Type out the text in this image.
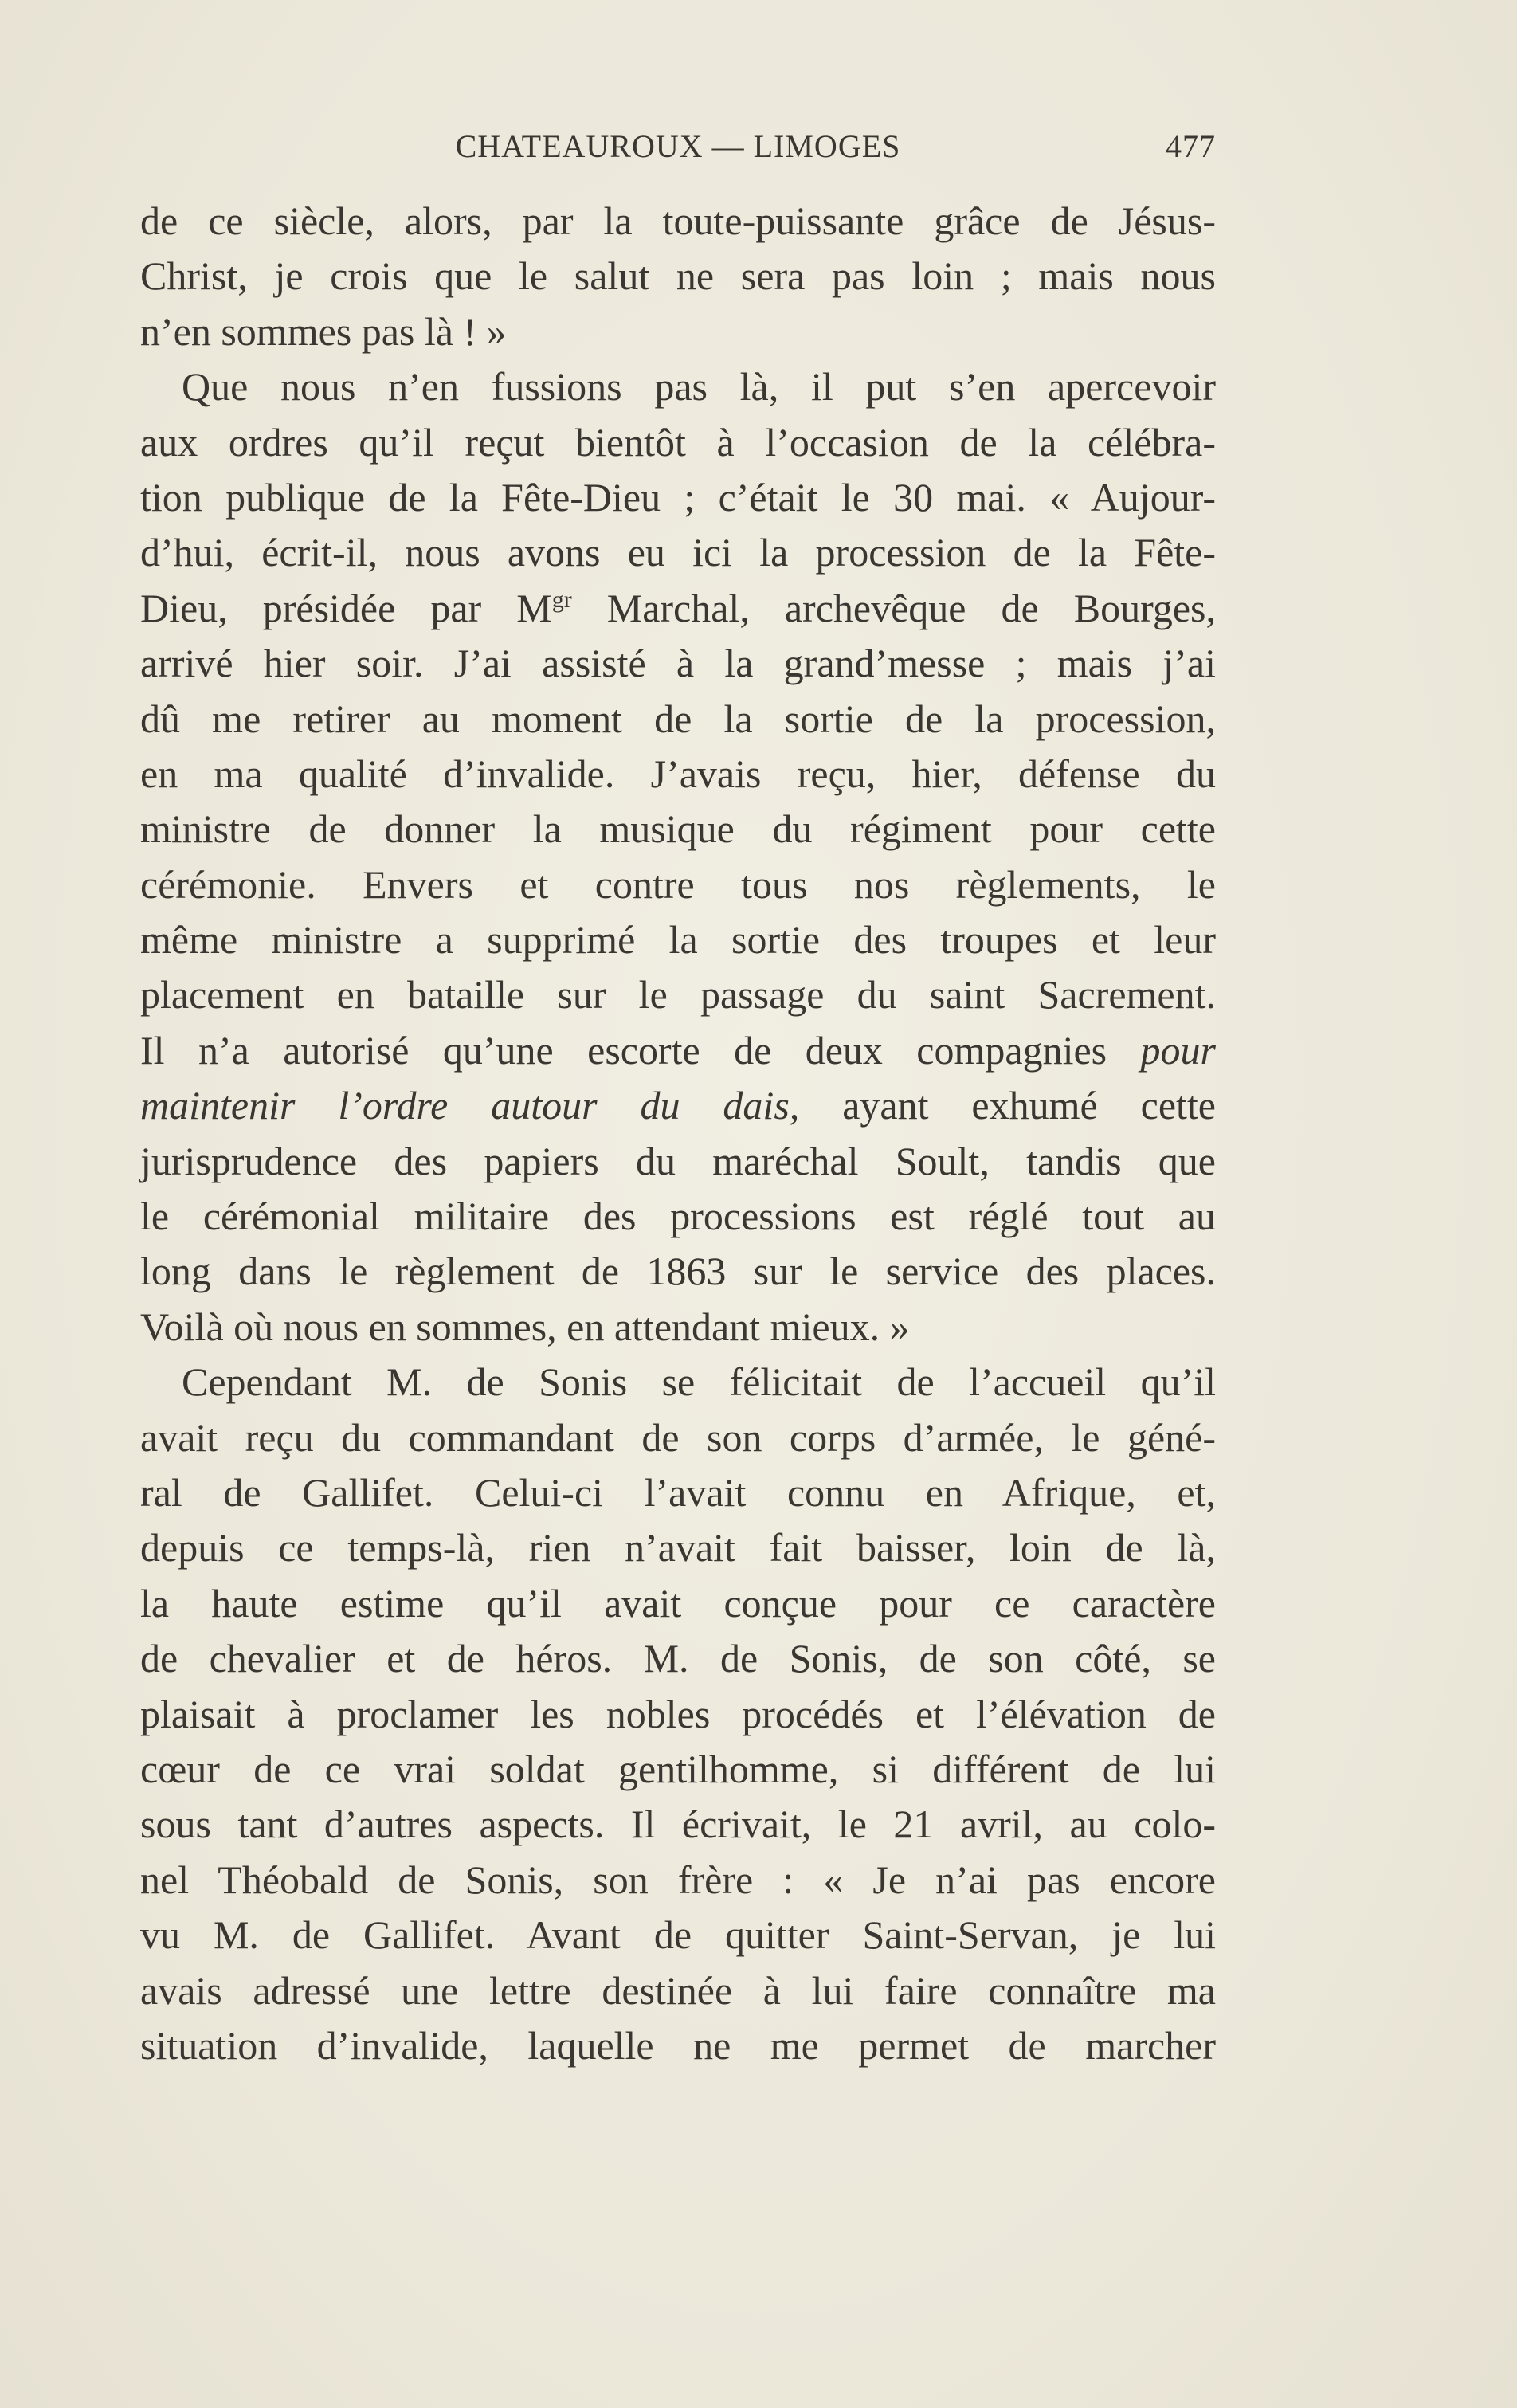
CHATEAUROUX — LIMOGES	477
de ce siècle, alors, par la toute-puissante grâce de Jésus-
Christ, je crois que le salut ne sera pas loin ; mais nous
n’en sommes pas là ! »
Que nous n’en fussions pas là, il put s’en apercevoir
aux ordres qu’il reçut bientôt à l’occasion de la célébra-
tion publique de la Fête-Dieu ; c’était le 30 mai. « Aujour-
d’hui, écrit-il, nous avons eu ici la procession de la Fête-
Dieu, présidée par $M^{gr}$ Marchal, archevêque de Bourges,
arrivé hier soir. J’ai assisté à la grand’messe ; mais j’ai
dû me retirer au moment de la sortie de la procession,
en ma qualité d’invalide. J’avais reçu, hier, défense du
ministre de donner la musique du régiment pour cette
cérémonie. Envers et contre tous nos règlements, le
même ministre a supprimé la sortie des troupes et leur
placement en bataille sur le passage du saint Sacrement.
Il n’a autorisé qu’une escorte de deux compagnies pour
maintenir l’ordre autour du dais, ayant exhumé cette
jurisprudence des papiers du maréchal Soult, tandis que
le cérémonial militaire des processions est réglé tout au
long dans le règlement de 1863 sur le service des places.
Voilà où nous en sommes, en attendant mieux. »
Cependant M. de Sonis se félicitait de l’accueil qu’il
avait reçu du commandant de son corps d’armée, le géné-
ral de Gallifet. Celui-ci l’avait connu en Afrique, et,
depuis ce temps-là, rien n’avait fait baisser, loin de là,
la haute estime qu’il avait conçue pour ce caractère
de chevalier et de héros. M. de Sonis, de son côté, se
plaisait à proclamer les nobles procédés et l’élévation de
cœur de ce vrai soldat gentilhomme, si différent de lui
sous tant d’autres aspects. Il écrivait, le 21 avril, au colo-
nel Théobald de Sonis, son frère : « Je n’ai pas encore
vu M. de Gallifet. Avant de quitter Saint-Servan, je lui
avais adressé une lettre destinée à lui faire connaître ma
situation d’invalide, laquelle ne me permet de marcher
